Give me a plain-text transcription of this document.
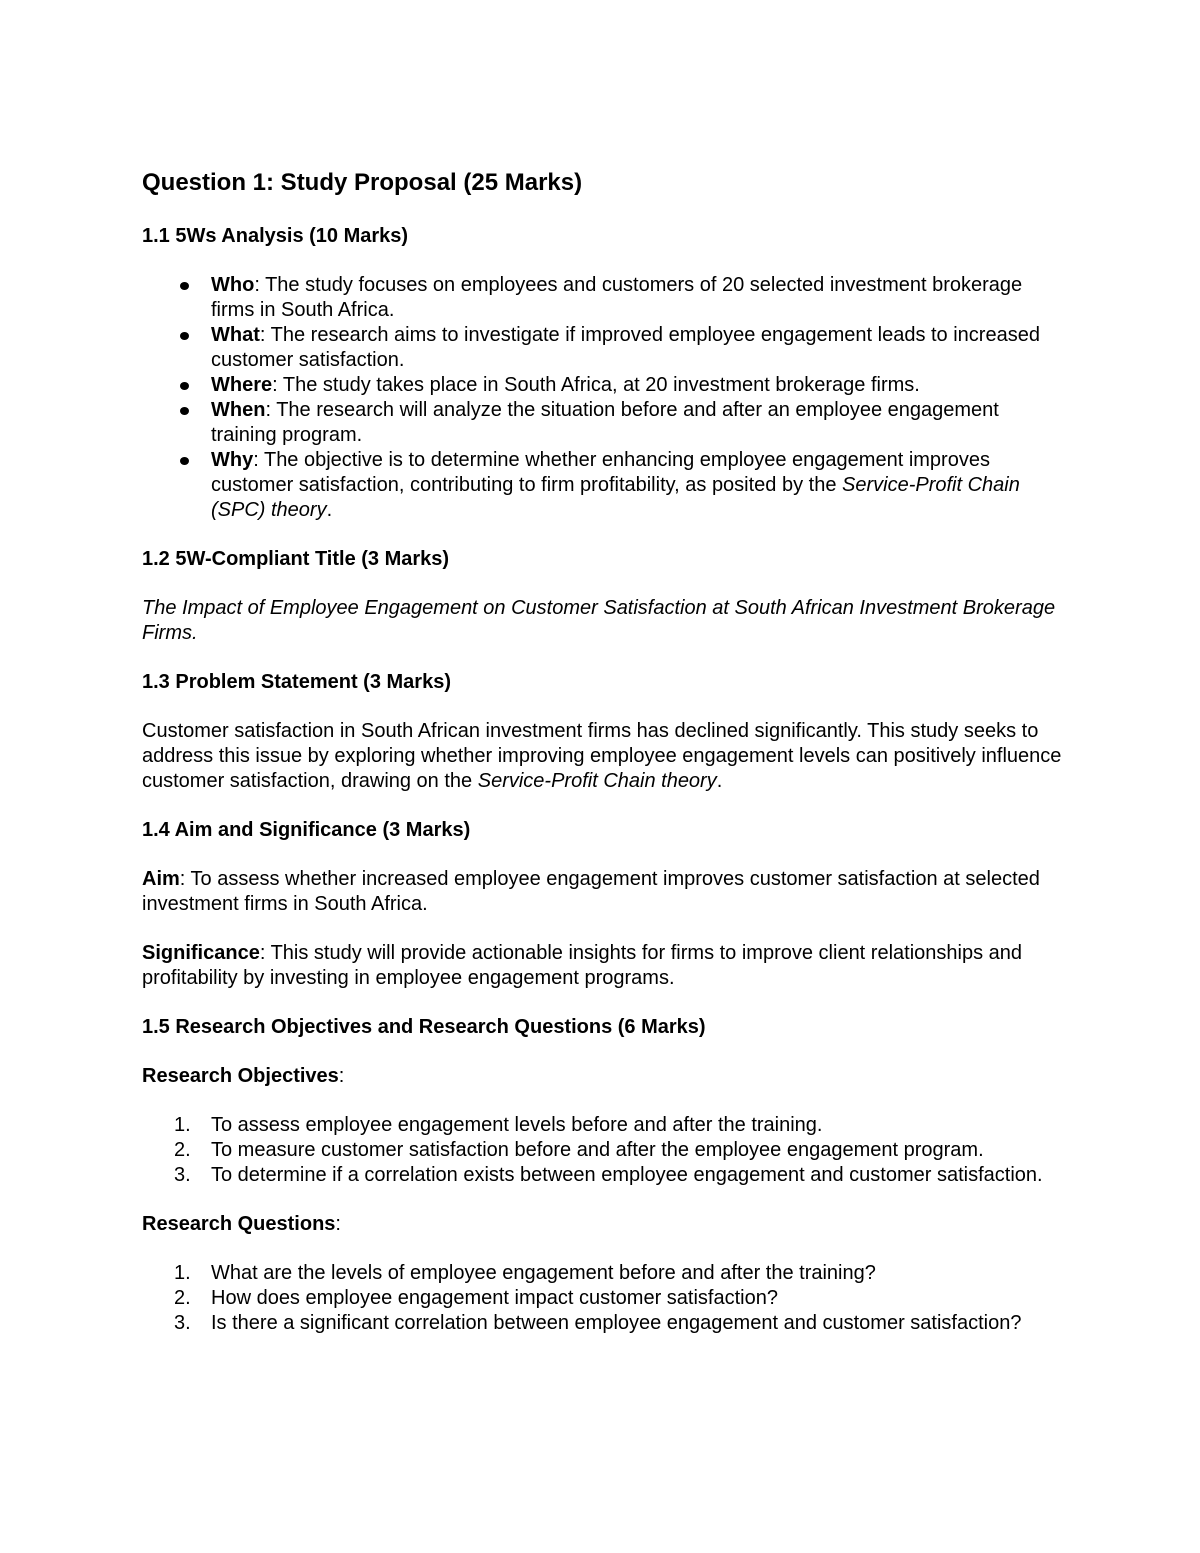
Question 1: Study Proposal (25 Marks)
1.1 5Ws Analysis (10 Marks)
Who: The study focuses on employees and customers of 20 selected investment brokerage firms in South Africa.
What: The research aims to investigate if improved employee engagement leads to increased customer satisfaction.
Where: The study takes place in South Africa, at 20 investment brokerage firms.
When: The research will analyze the situation before and after an employee engagement training program.
Why: The objective is to determine whether enhancing employee engagement improves customer satisfaction, contributing to firm profitability, as posited by the Service-Profit Chain (SPC) theory.
1.2 5W-Compliant Title (3 Marks)

The Impact of Employee Engagement on Customer Satisfaction at South African Investment Brokerage Firms.

1.3 Problem Statement (3 Marks)

Customer satisfaction in South African investment firms has declined significantly. This study seeks to address this issue by exploring whether improving employee engagement levels can positively influence customer satisfaction, drawing on the Service-Profit Chain theory.

1.4 Aim and Significance (3 Marks)

Aim: To assess whether increased employee engagement improves customer satisfaction at selected investment firms in South Africa.

Significance: This study will provide actionable insights for firms to improve client relationships and profitability by investing in employee engagement programs.

1.5 Research Objectives and Research Questions (6 Marks)

Research Objectives:

1. To assess employee engagement levels before and after the training.
2. To measure customer satisfaction before and after the employee engagement program.
3. To determine if a correlation exists between employee engagement and customer satisfaction.

Research Questions:

1. What are the levels of employee engagement before and after the training?
2. How does employee engagement impact customer satisfaction?
3. Is there a significant correlation between employee engagement and customer satisfaction?
